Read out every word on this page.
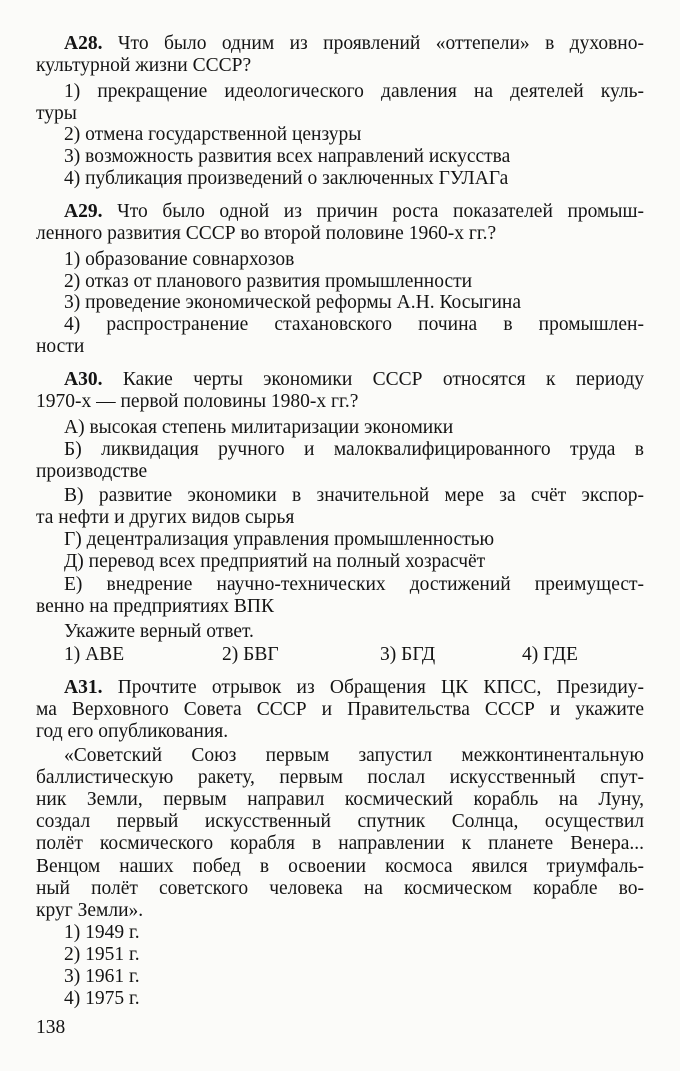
А28. Что было одним из проявлений «оттепели» в духовно-
культурной жизни СССР?
1) прекращение идеологического давления на деятелей куль-
туры
2) отмена государственной цензуры
3) возможность развития всех направлений искусства
4) публикация произведений о заключенных ГУЛАГа
А29. Что было одной из причин роста показателей промыш-
ленного развития СССР во второй половине 1960-х гг.?
1) образование совнархозов
2) отказ от планового развития промышленности
3) проведение экономической реформы А.Н. Косыгина
4) распространение стахановского почина в промышлен-
ности
А30. Какие черты экономики СССР относятся к периоду
1970-х — первой половины 1980-х гг.?
А) высокая степень милитаризации экономики
Б) ликвидация ручного и малоквалифицированного труда в
производстве
В) развитие экономики в значительной мере за счёт экспор-
та нефти и других видов сырья
Г) децентрализация управления промышленностью
Д) перевод всех предприятий на полный хозрасчёт
Е) внедрение научно-технических достижений преимущест-
венно на предприятиях ВПК
Укажите верный ответ.
1) АВЕ	2) БВГ	3) БГД	4) ГДЕ
А31. Прочтите отрывок из Обращения ЦК КПСС, Президиу-
ма Верховного Совета СССР и Правительства СССР и укажите
год его опубликования.
«Советский Союз первым запустил межконтинентальную
баллистическую ракету, первым послал искусственный спут-
ник Земли, первым направил космический корабль на Луну,
создал первый искусственный спутник Солнца, осуществил
полёт космического корабля в направлении к планете Венера...
Венцом наших побед в освоении космоса явился триумфаль-
ный полёт советского человека на космическом корабле во-
круг Земли».
1) 1949 г.
2) 1951 г.
3) 1961 г.
4) 1975 г.
138
